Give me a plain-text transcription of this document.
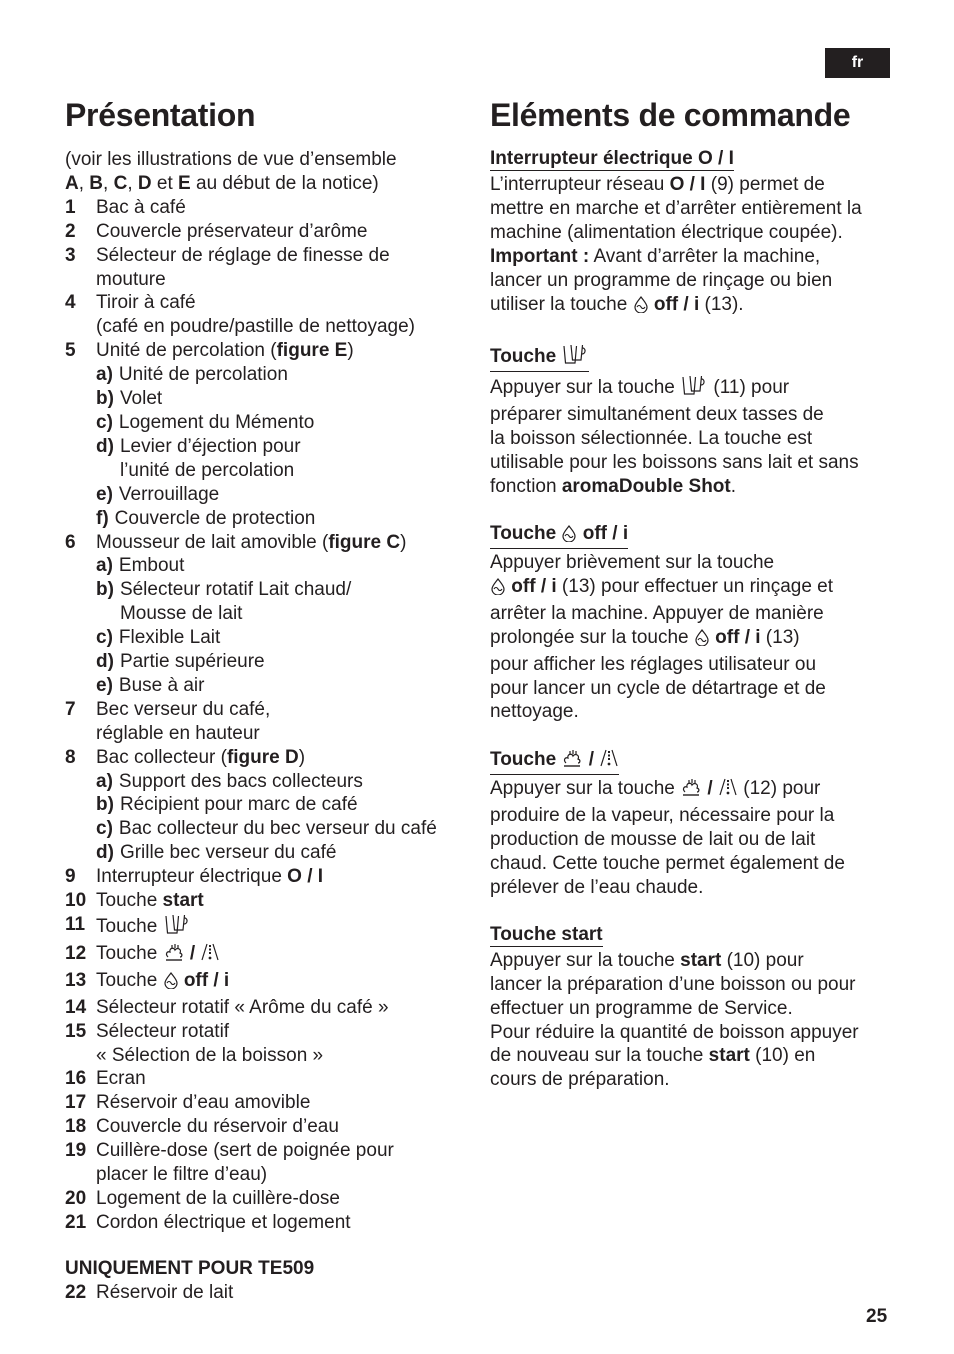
fr
Présentation
(voir les illustrations de vue d’ensemble
A, B, C, D et E au début de la notice)
1	Bac à café
2	Couvercle préservateur d’arôme
3	Sélecteur de réglage de finesse de
mouture
4	Tiroir à café
(café en poudre/pastille de nettoyage)
5	Unité de percolation (figure E)
a) Unité de percolation
b) Volet
c) Logement du Mémento
d) Levier d’éjection pour
l’unité de percolation
e) Verrouillage
f) Couvercle de protection
6	Mousseur de lait amovible (figure C)
a) Embout
b) Sélecteur rotatif Lait chaud/
Mousse de lait
c) Flexible Lait
d) Partie supérieure
e) Buse à air
7	Bec verseur du café,
réglable en hauteur
8	Bac collecteur (figure D)
a) Support des bacs collecteurs
b) Récipient pour marc de café
c) Bac collecteur du bec verseur du café
d) Grille bec verseur du café
9	Interrupteur électrique O / I
10 Touche start
11 Touche
12 Touche  /
13 Touche  off / i
14 Sélecteur rotatif « Arôme du café »
15 Sélecteur rotatif
« Sélection de la boisson »
16 Ecran
17 Réservoir d’eau amovible
18 Couvercle du réservoir d’eau
19 Cuillère-dose (sert de poignée pour
placer le filtre d’eau)
20 Logement de la cuillère-dose
21 Cordon électrique et logement
UNIQUEMENT POUR TE509
22 Réservoir de lait
Eléments de commande
Interrupteur électrique O / I
L’interrupteur réseau O / I (9) permet de
mettre en marche et d’arrêter entièrement la
machine (alimentation électrique coupée).
Important : Avant d’arrêter la machine,
lancer un programme de rinçage ou bien
utiliser la touche  off / i (13).
Touche
Appuyer sur la touche  (11) pour
préparer simultanément deux tasses de
la boisson sélectionnée. La touche est
utilisable pour les boissons sans lait et sans
fonction aromaDouble Shot.
Touche  off / i
Appuyer brièvement sur la touche
off / i (13) pour effectuer un rinçage et
arrêter la machine. Appuyer de manière
prolongée sur la touche  off / i (13)
pour afficher les réglages utilisateur ou
pour lancer un cycle de détartrage et de
nettoyage.
Touche  /
Appuyer sur la touche  /  (12) pour
produire de la vapeur, nécessaire pour la
production de mousse de lait ou de lait
chaud. Cette touche permet également de
prélever de l’eau chaude.
Touche start
Appuyer sur la touche start (10) pour
lancer la préparation d’une boisson ou pour
effectuer un programme de Service.
Pour réduire la quantité de boisson appuyer
de nouveau sur la touche start (10) en
cours de préparation.
25
